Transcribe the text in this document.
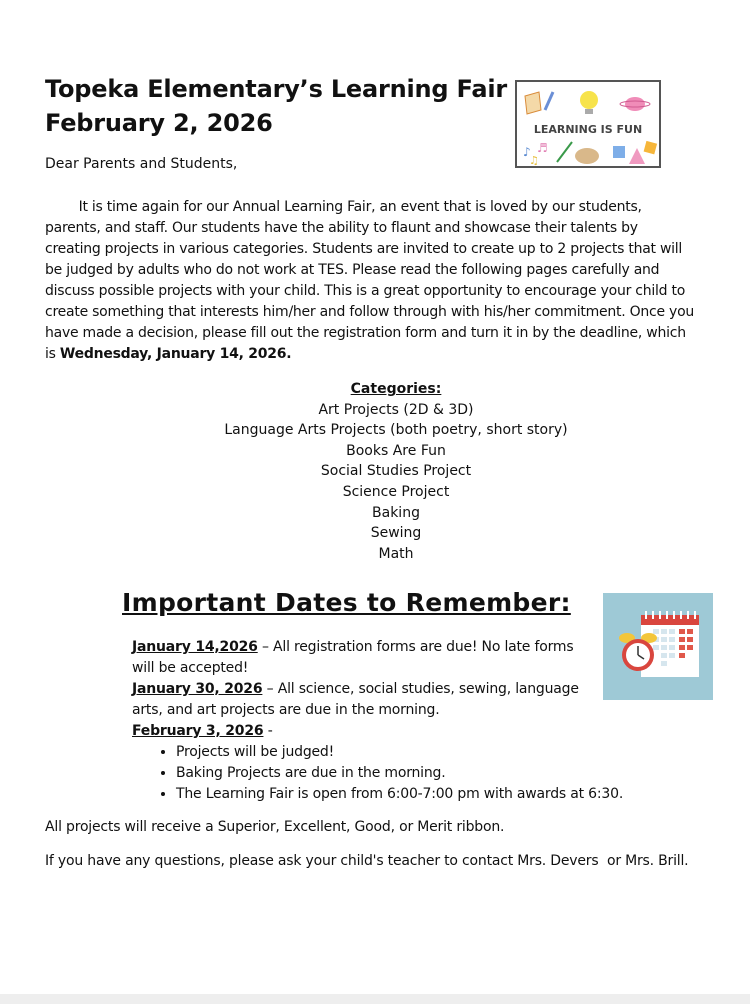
Topeka Elementary’s Learning Fair
February 2, 2026	LEARNING IS FUN
♪ ♬
♫
Dear Parents and Students,
It is time again for our Annual Learning Fair, an event that is loved by our students,
parents, and staff. Our students have the ability to flaunt and showcase their talents by
creating projects in various categories. Students are invited to create up to 2 projects that will
be judged by adults who do not work at TES. Please read the following pages carefully and
discuss possible projects with your child. This is a great opportunity to encourage your child to
create something that interests him/her and follow through with his/her commitment. Once you
have made a decision, please fill out the registration form and turn it in by the deadline, which
is Wednesday, January 14, 2026.
Categories:
Art Projects (2D & 3D)
Language Arts Projects (both poetry, short story)
Books Are Fun
Social Studies Project
Science Project
Baking
Sewing
Math
Important Dates to Remember:
January 14,2026 – All registration forms are due! No late forms
will be accepted!
January 30, 2026 – All science, social studies, sewing, language
arts, and art projects are due in the morning.
February 3, 2026 -
• Projects will be judged!
• Baking Projects are due in the morning.
• The Learning Fair is open from 6:00-7:00 pm with awards at 6:30.
All projects will receive a Superior, Excellent, Good, or Merit ribbon.
If you have any questions, please ask your child's teacher to contact Mrs. Devers  or Mrs. Brill.
